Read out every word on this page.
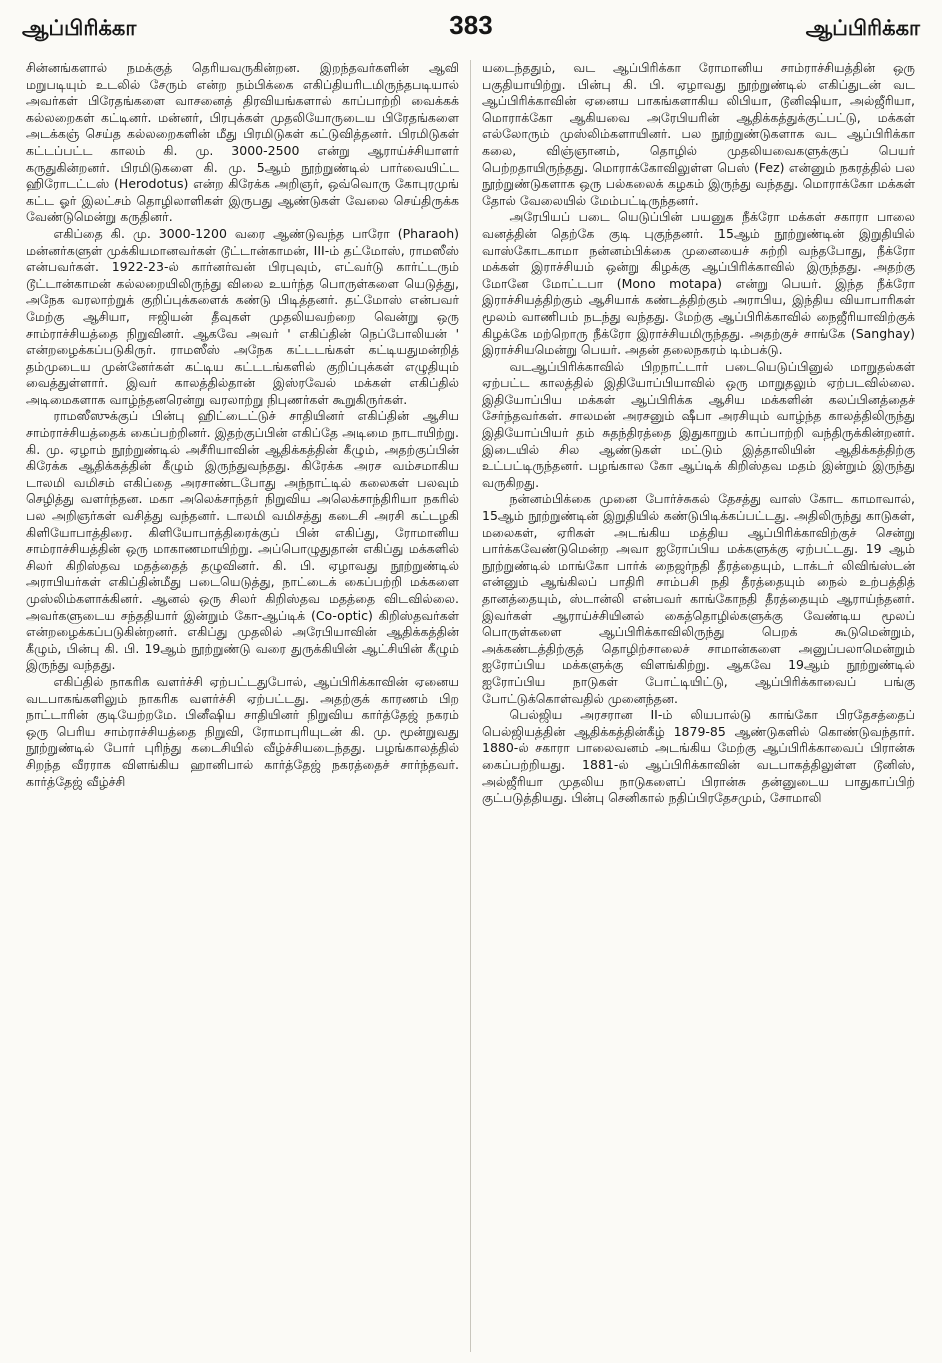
ஆப்பிரிக்கா	383	ஆப்பிரிக்கா

சின்னங்களால் நமக்குத் தெரியவருகின்றன. இறந்தவர்களின் ஆவி மறுபடியும் உடலில் சேரும் என்ற நம்பிக்கை எகிப்தியரிடமிருந்தபடியால் அவர்கள் பிரேதங்களை வாசனைத் திரவியங்களால் காப்பாற்றி வைக்கக் கல்லறைகள் கட்டினர். மன்னர், பிரபுக்கள் முதலியோருடைய பிரேதங்களை அடக்கஞ் செய்த கல்லறைகளின் மீது பிரமிடுகள் கட்டுவித்தனர். பிரமிடுகள் கட்டப்பட்ட காலம் கி. மு. 3000-2500 என்று ஆராய்ச்சியாளர் கருதுகின்றனர். பிரமிடுகளை கி. மு. 5ஆம் நூற்றுண்டில் பார்வையிட்ட ஹிரோடட்டஸ் (Herodotus) என்ற கிரேக்க அறிஞர், ஒவ்வொரு கோபுரமுங் கட்ட ஓர் இலட்சம் தொழிலாளிகள் இருபது ஆண்டுகள் வேலை செய்திருக்க வேண்டுமென்று கருதினர்.

எகிப்தை கி. மு. 3000-1200 வரை ஆண்டுவந்த பாரோ (Pharaoh) மன்னர்களுள் முக்கியமானவர்கள் டூட்டான்காமன், III-ம் தட்மோஸ், ராமஸீஸ் என்பவர்கள். 1922-23-ல் கார்னர்வன் பிரபுவும், எட்வர்டு கார்ட்டரும் டூட்டான்காமன் கல்லறையிலிருந்து விலை உயர்ந்த பொருள்களை யெடுத்து, அநேக வரலாற்றுக் குறிப்புக்களைக் கண்டு பிடித்தனர். தட்மோஸ் என்பவர் மேற்கு ஆசியா, ஈஜியன் தீவுகள் முதலியவற்றை வென்று ஒரு சாம்ராச்சியத்தை நிறுவினர். ஆகவே அவர் ' எகிப்தின் நெப்போலியன் ' என்றழைக்கப்படுகிருர். ராமஸீஸ் அநேக கட்டடங்கள் கட்டியதுமன்றித் தம்முடைய முன்னேர்கள் கட்டிய கட்டடங்களில் குறிப்புக்கள் எழுதியும் வைத்துள்ளார். இவர் காலத்தில்தான் இஸ்ரவேல் மக்கள் எகிப்தில் அடிமைகளாக வாழ்ந்தனரென்று வரலாற்று நிபுணர்கள் கூறுகிருர்கள்.

ராமஸீஸுக்குப் பின்பு ஹிட்டைட்டுச் சாதியினர் எகிப்தின் ஆசிய சாம்ராச்சியத்தைக் கைப்பற்றினர். இதற்குப்பின் எகிப்தே அடிமை நாடாயிற்று. கி. மு. ஏழாம் நூற்றுண்டில் அசீரியாவின் ஆதிக்கத்தின் கீழும், அதற்குப்பின் கிரேக்க ஆதிக்கத்தின் கீழும் இருந்துவந்தது. கிரேக்க அரச வம்சமாகிய டாலமி வமிசம் எகிப்தை அரசாண்டபோது அந்நாட்டில் கலைகள் பலவும் செழித்து வளர்ந்தன. மகா அலெக்சாந்தர் நிறுவிய அலெக்சாந்திரியா நகரில் பல அறிஞர்கள் வசித்து வந்தனர். டாலமி வமிசத்து கடைசி அரசி கட்டழகி கிளியோபாத்திரை. கிளியோபாத்திரைக்குப் பின் எகிப்து, ரோமானிய சாம்ராச்சியத்தின் ஒரு மாகாணமாயிற்று. அப்பொழுதுதான் எகிப்து மக்களில் சிலர் கிறிஸ்தவ மதத்தைத் தழுவினர். கி. பி. ஏழாவது நூற்றுண்டில் அராபியர்கள் எகிப்தின்மீது படையெடுத்து, நாட்டைக் கைப்பற்றி மக்களை முஸ்லிம்களாக்கினர். ஆனல் ஒரு சிலர் கிறிஸ்தவ மதத்தை விடவில்லை. அவர்களுடைய சந்ததியார் இன்றும் கோ-ஆப்டிக் (Co-optic) கிறிஸ்தவர்கள் என்றழைக்கப்படுகின்றனர். எகிப்து முதலில் அரேபியாவின் ஆதிக்கத்தின் கீழும், பின்பு கி. பி. 19ஆம் நூற்றுண்டு வரை துருக்கியின் ஆட்சியின் கீழும் இருந்து வந்தது.

எகிப்தில் நாகரிக வளர்ச்சி ஏற்பட்டதுபோல், ஆப்பிரிக்காவின் ஏனைய வடபாகங்களிலும் நாகரிக வளர்ச்சி ஏற்பட்டது. அதற்குக் காரணம் பிற நாட்டாரின் குடியேற்றமே. பினீஷிய சாதியினர் நிறுவிய கார்த்தேஜ் நகரம் ஒரு பெரிய சாம்ராச்சியத்தை நிறுவி, ரோமாபுரியுடன் கி. மு. மூன்றுவது நூற்றுண்டில் போர் புரிந்து கடைசியில் வீழ்ச்சியடைந்தது. பழங்காலத்தில் சிறந்த வீரராக விளங்கிய ஹானிபால் கார்த்தேஜ் நகரத்தைச் சார்ந்தவர். கார்த்தேஜ் வீழ்ச்சி

யடைந்ததும், வட ஆப்பிரிக்கா ரோமானிய சாம்ராச்சியத்தின் ஒரு பகுதியாயிற்று. பின்பு கி. பி. ஏழாவது நூற்றுண்டில் எகிப்துடன் வட ஆப்பிரிக்காவின் ஏனைய பாகங்களாகிய லிபியா, டூனிஷியா, அல்ஜீரியா, மொராக்கோ ஆகியவை அரேபியரின் ஆதிக்கத்துக்குட்பட்டு, மக்கள் எல்லோரும் முஸ்லிம்களாயினர். பல நூற்றுண்டுகளாக வட ஆப்பிரிக்கா கலை, விஞ்ஞானம், தொழில் முதலியவைகளுக்குப் பெயர் பெற்றதாயிருந்தது. மொராக்கோவிலுள்ள பெஸ் (Fez) என்னும் நகரத்தில் பல நூற்றுண்டுகளாக ஒரு பல்கலைக் கழகம் இருந்து வந்தது. மொராக்கோ மக்கள் தோல் வேலையில் மேம்பட்டிருந்தனர்.

அரேபியப் படை யெடுப்பின் பயனுக நீக்ரோ மக்கள் சகாரா பாலை வனத்தின் தெற்கே குடி புகுந்தனர். 15ஆம் நூற்றுண்டின் இறுதியில் வாஸ்கோடகாமா நன்னம்பிக்கை முனையைச் சுற்றி வந்தபோது, நீக்ரோ மக்கள் இராச்சியம் ஒன்று கிழக்கு ஆப்பிரிக்காவில் இருந்தது. அதற்கு மோனே மோட்டபா (Mono motapa) என்று பெயர். இந்த நீக்ரோ இராச்சியத்திற்கும் ஆசியாக் கண்டத்திற்கும் அராபிய, இந்திய வியாபாரிகள் மூலம் வாணிபம் நடந்து வந்தது. மேற்கு ஆப்பிரிக்காவில் நைஜீரியாவிற்குக் கிழக்கே மற்றொரு நீக்ரோ இராச்சியமிருந்தது. அதற்குச் சாங்கே (Sanghay) இராச்சியமென்று பெயர். அதன் தலைநகரம் டிம்பக்டு.

வடஆப்பிரிக்காவில் பிறநாட்டார் படையெடுப்பினுல் மாறுதல்கள் ஏற்பட்ட காலத்தில் இதியோப்பியாவில் ஒரு மாறுதலும் ஏற்படவில்லை. இதியோப்பிய மக்கள் ஆப்பிரிக்க ஆசிய மக்களின் கலப்பினத்தைச் சேர்ந்தவர்கள். சாலமன் அரசனும் ஷீபா அரசியும் வாழ்ந்த காலத்திலிருந்து இதியோப்பியர் தம் சுதந்திரத்தை இதுகாறும் காப்பாற்றி வந்திருக்கின்றனர். இடையில் சில ஆண்டுகள் மட்டும் இத்தாலியின் ஆதிக்கத்திற்கு உட்பட்டிருந்தனர். பழங்கால கோ ஆப்டிக் கிறிஸ்தவ மதம் இன்றும் இருந்து வருகிறது.

நன்னம்பிக்கை முனை போர்ச்சுகல் தேசத்து வாஸ் கோட காமாவால், 15ஆம் நூற்றுண்டின் இறுதியில் கண்டுபிடிக்கப்பட்டது. அதிலிருந்து காடுகள், மலைகள், ஏரிகள் அடங்கிய மத்திய ஆப்பிரிக்காவிற்குச் சென்று பார்க்கவேண்டுமென்ற அவா ஐரோப்பிய மக்களுக்கு ஏற்பட்டது. 19 ஆம் நூற்றுண்டில் மாங்கோ பார்க் நைஜர்நதி தீரத்தையும், டாக்டர் லிவிங்ஸ்டன் என்னும் ஆங்கிலப் பாதிரி சாம்பசி நதி தீரத்தையும் நைல் உற்பத்தித் தானத்தையும், ஸ்டான்லி என்பவர் காங்கோநதி தீரத்தையும் ஆராய்ந்தனர். இவர்கள் ஆராய்ச்சியினல் கைத்தொழில்களுக்கு வேண்டிய மூலப் பொருள்களை ஆப்பிரிக்காவிலிருந்து பெறக் கூடுமென்றும், அக்கண்டத்திற்குத் தொழிற்சாலைச் சாமான்களை அனுப்பலாமென்றும் ஐரோப்பிய மக்களுக்கு விளங்கிற்று. ஆகவே 19ஆம் நூற்றுண்டில் ஐரோப்பிய நாடுகள் போட்டியிட்டு, ஆப்பிரிக்காவைப் பங்கு போட்டுக்கொள்வதில் முனைந்தன.

பெல்ஜிய அரசரான II-ம் லியபால்டு காங்கோ பிரதேசத்தைப் பெல்ஜியத்தின் ஆதிக்கத்தின்கீழ் 1879-85 ஆண்டுகளில் கொண்டுவந்தார். 1880-ல் சகாரா பாலைவனம் அடங்கிய மேற்கு ஆப்பிரிக்காவைப் பிரான்சு கைப்பற்றியது. 1881-ல் ஆப்பிரிக்காவின் வடபாகத்திலுள்ள டூனிஸ், அல்ஜீரியா முதலிய நாடுகளைப் பிரான்சு தன்னுடைய பாதுகாப்பிற் குட்படுத்தியது. பின்பு செனிகால் நதிப்பிரதேசமும், சோமாலி
